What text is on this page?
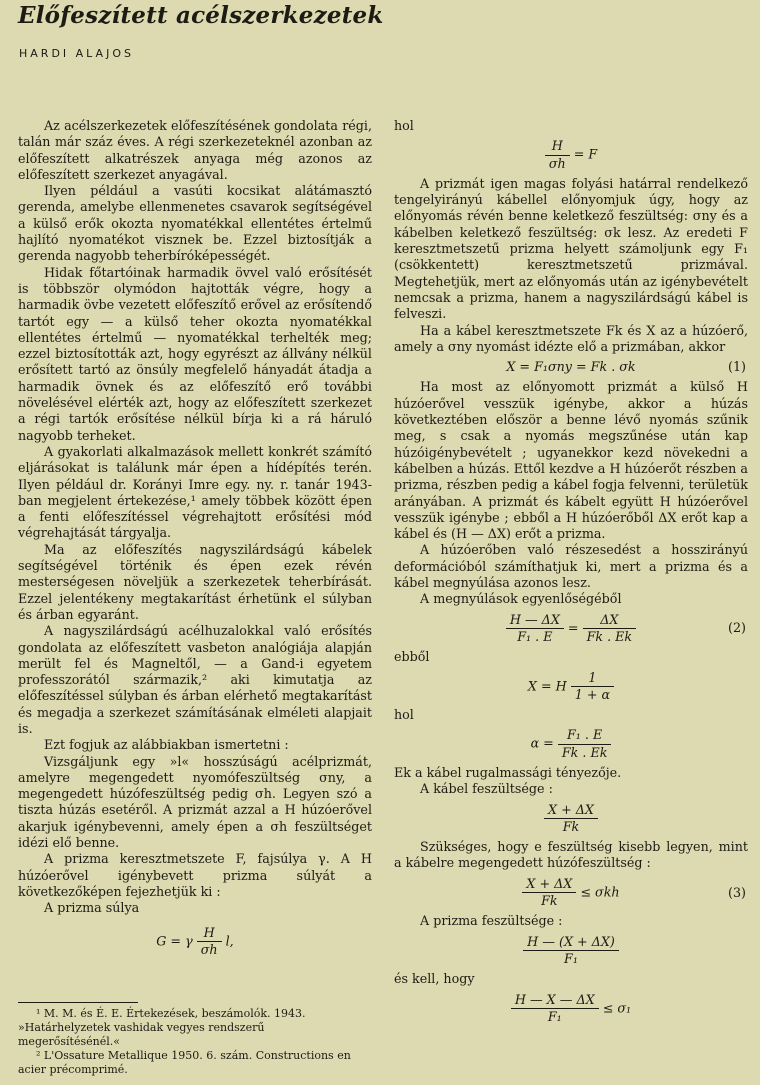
Előfeszített acélszerkezetek
HARDI ALAJOS

Az acélszerkezetek előfeszítésének gondolata régi, talán már száz éves. A régi szerkezeteknél azonban az előfeszített alkatrészek anyaga még azonos az előfeszített szerkezet anyagával.

Ilyen például a vasúti kocsikat alátámasztó gerenda, amelybe ellenmenetes csavarok segítségével a külső erők okozta nyomatékkal ellentétes értelmű hajlító nyomatékot visznek be. Ezzel biztosítják a gerenda nagyobb teherbíróképességét.

Hidak főtartóinak harmadik övvel való erősítését is többször olymódon hajtották végre, hogy a harmadik övbe vezetett előfeszítő erővel az erősítendő tartót egy — a külső teher okozta nyomatékkal ellentétes értelmű — nyomatékkal terhelték meg; ezzel biztosították azt, hogy egyrészt az állvány nélkül erősített tartó az önsúly megfelelő hányadát átadja a harmadik övnek és az előfeszítő erő további növelésével elérték azt, hogy az előfeszített szerkezet a régi tartók erősítése nélkül bírja ki a rá háruló nagyobb terheket.

A gyakorlati alkalmazások mellett konkrét számító eljárásokat is találunk már épen a hídépítés terén. Ilyen például dr. Korányi Imre egy. ny. r. tanár 1943-ban megjelent értekezése,¹ amely többek között épen a fenti előfeszítéssel végrehajtott erősítési mód végrehajtását tárgyalja.

Ma az előfeszítés nagyszilárdságú kábelek segítségével történik és épen ezek révén mesterségesen növeljük a szerkezetek teherbírását. Ezzel jelentékeny megtakarítást érhetünk el súlyban és árban egyaránt.

A nagyszilárdságú acélhuzalokkal való erősítés gondolata az előfeszített vasbeton analógiája alapján merült fel és Magneltől, — a Gand-i egyetem professzorától származik,² aki kimutatja az előfeszítéssel súlyban és árban elérhető megtakarítást és megadja a szerkezet számításának elméleti alapjait is.

Ezt fogjuk az alábbiakban ismertetni :

Vizsgáljunk egy »l« hosszúságú acélprizmát, amelyre megengedett nyomófeszültség σny, a megengedett húzófeszültség pedig σh. Legyen szó a tiszta húzás esetéről. A prizmát azzal a H húzóerővel akarjuk igénybevenni, amely épen a σh feszültséget idézi elő benne.

A prizma keresztmetszete F, fajsúlya γ. A H húzóerővel igénybevett prizma súlyát a következőképen fejezhetjük ki :

A prizma súlya

G = γ $\frac{H}{\sigma h} l$,

hol

$\frac{H}{\sigma h} = F$

A prizmát igen magas folyási határral rendelkező tengelyirányú kábellel előnyomjuk úgy, hogy az előnyomás révén benne keletkező feszültség: σny és a kábelben keletkező feszültség: σk lesz. Az eredeti F keresztmetszetű prizma helyett számoljunk egy F₁ (csökkentett) keresztmetszetű prizmával. Megtehetjük, mert az előnyomás után az igénybevételt nemcsak a prizma, hanem a nagyszilárdságú kábel is felveszi.

Ha a kábel keresztmetszete Fk és X az a húzóerő, amely a σny nyomást idézte elő a prizmában, akkor

X = F₁σny = Fk . σk	(1)

Ha most az előnyomott prizmát a külső H húzóerővel vesszük igénybe, akkor a húzás következtében először a benne lévő nyomás szűnik meg, s csak a nyomás megszűnése után kap húzóigénybevételt ; ugyanekkor kezd növekedni a kábelben a húzás. Ettől kezdve a H húzóerőt részben a prizma, részben pedig a kábel fogja felvenni, területük arányában. A prizmát és kábelt együtt H húzóerővel vesszük igénybe ; ebből a H húzóerőből ΔX erőt kap a kábel és (H — ΔX) erőt a prizma.

A húzóerőben való részesedést a hosszirányú deformációból számíthatjuk ki, mert a prizma és a kábel megnyúlása azonos lesz.

A megnyúlások egyenlőségéből

$\frac{H — \Delta X}{\text{F₁ . E}} = \frac{\Delta X}{Fk . Ek}$	(2)

ebből

X = H $\frac{1}{1 + \alpha}$

hol

$\alpha = \frac{\text{F₁ . E}}{Fk . Ek}$

Ek a kábel rugalmassági tényezője.

A kábel feszültsége :

$\frac{X + \Delta X}{Fk}$

Szükséges, hogy e feszültség kisebb legyen, mint a kábelre megengedett húzófeszültség :

$\frac{X + \Delta X}{Fk} \le \sigma kh$	(3)

A prizma feszültsége :

$\frac{H — (X + \Delta X)}{\text{F₁}}$

és kell, hogy

$\frac{H — X — \Delta X}{\text{F₁}} \le \sigma_1$

¹ M. M. és É. E. Értekezések, beszámolók. 1943. »Határhelyzetek vashidak vegyes rendszerű megerősítésénél.«

² L'Ossature Metallique 1950. 6. szám. Constructions en acier précomprimé.
